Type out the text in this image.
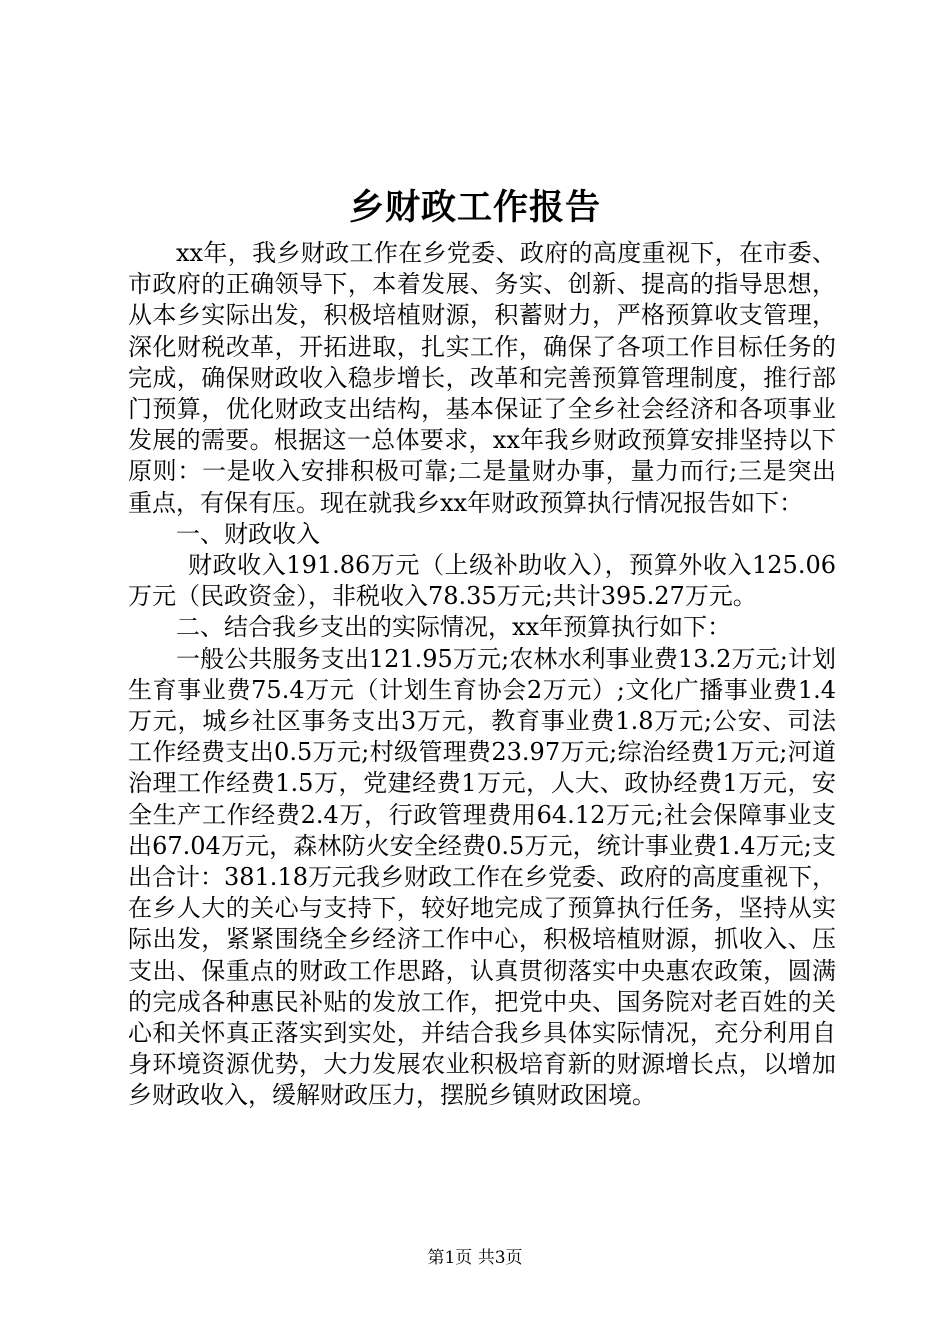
乡财政工作报告

xx年，我乡财政工作在乡党委、政府的高度重视下，在市委、市政府的正确领导下，本着发展、务实、创新、提高的指导思想，从本乡实际出发，积极培植财源，积蓄财力，严格预算收支管理，深化财税改革，开拓进取，扎实工作，确保了各项工作目标任务的完成，确保财政收入稳步增长，改革和完善预算管理制度，推行部门预算，优化财政支出结构，基本保证了全乡社会经济和各项事业发展的需要。根据这一总体要求，xx年我乡财政预算安排坚持以下原则：一是收入安排积极可靠;二是量财办事，量力而行;三是突出重点，有保有压。现在就我乡xx年财政预算执行情况报告如下：

一、财政收入

财政收入191.86万元（上级补助收入），预算外收入125.06万元（民政资金），非税收入78.35万元;共计395.27万元。

二、结合我乡支出的实际情况，xx年预算执行如下：

一般公共服务支出121.95万元;农林水利事业费13.2万元;计划生育事业费75.4万元（计划生育协会2万元）;文化广播事业费1.4万元，城乡社区事务支出3万元，教育事业费1.8万元;公安、司法工作经费支出0.5万元;村级管理费23.97万元;综治经费1万元;河道治理工作经费1.5万，党建经费1万元，人大、政协经费1万元，安全生产工作经费2.4万，行政管理费用64.12万元;社会保障事业支出67.04万元，森林防火安全经费0.5万元，统计事业费1.4万元;支出合计：381.18万元我乡财政工作在乡党委、政府的高度重视下，在乡人大的关心与支持下，较好地完成了预算执行任务，坚持从实际出发，紧紧围绕全乡经济工作中心，积极培植财源，抓收入、压支出、保重点的财政工作思路，认真贯彻落实中央惠农政策，圆满的完成各种惠民补贴的发放工作，把党中央、国务院对老百姓的关心和关怀真正落实到实处，并结合我乡具体实际情况，充分利用自身环境资源优势，大力发展农业积极培育新的财源增长点，以增加乡财政收入，缓解财政压力，摆脱乡镇财政困境。

第1页 共3页
